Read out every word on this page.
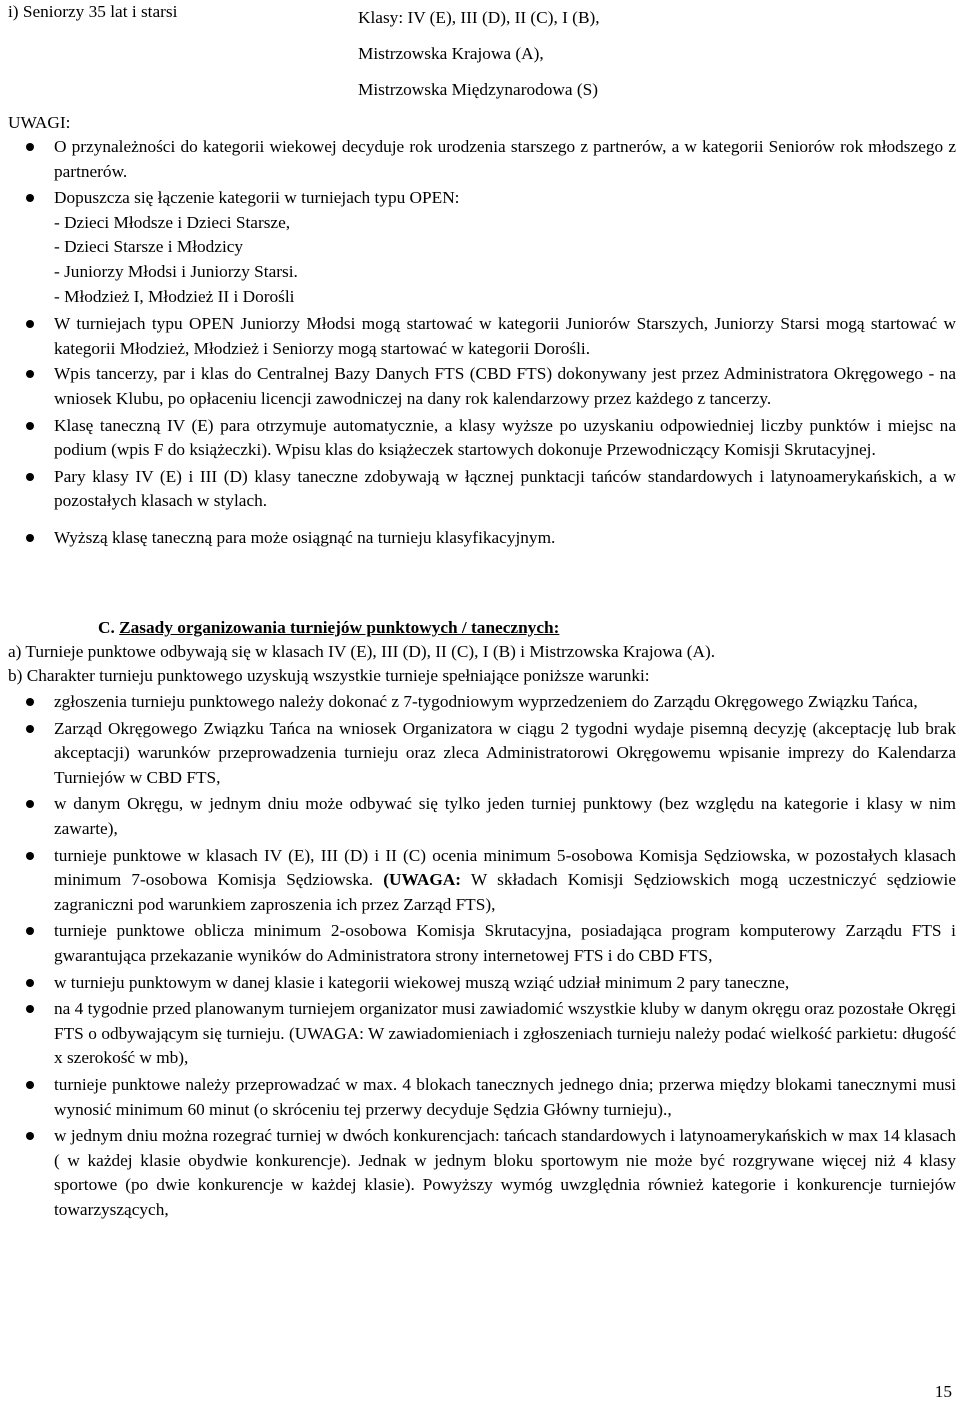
i) Seniorzy 35 lat i starsi	Klasy: IV (E), III (D), II (C), I (B),
Mistrzowska Krajowa (A),
Mistrzowska Międzynarodowa (S)
UWAGI:
O przynależności do kategorii wiekowej decyduje rok urodzenia starszego z partnerów, a w kategorii Seniorów rok młodszego z partnerów.
Dopuszcza się łączenie kategorii w turniejach typu OPEN:
- Dzieci Młodsze i Dzieci Starsze,
- Dzieci Starsze i Młodzicy
- Juniorzy Młodsi i Juniorzy Starsi.
- Młodzież I, Młodzież II i Dorośli
W turniejach typu OPEN Juniorzy Młodsi mogą startować w kategorii Juniorów Starszych, Juniorzy Starsi mogą startować w kategorii Młodzież, Młodzież i Seniorzy mogą startować w kategorii Dorośli.
Wpis tancerzy, par i klas do Centralnej Bazy Danych FTS (CBD FTS) dokonywany jest przez Administratora Okręgowego - na wniosek Klubu, po opłaceniu licencji zawodniczej na dany rok kalendarzowy przez każdego z tancerzy.
Klasę taneczną IV (E) para otrzymuje automatycznie, a klasy wyższe po uzyskaniu odpowiedniej liczby punktów i miejsc na podium (wpis F do książeczki). Wpisu klas do książeczek startowych dokonuje Przewodniczący Komisji Skrutacyjnej.
Pary klasy IV (E) i III (D) klasy taneczne zdobywają w łącznej punktacji tańców standardowych i latynoamerykańskich, a w pozostałych klasach w stylach.
Wyższą klasę taneczną para może osiągnąć na turnieju klasyfikacyjnym.
C. Zasady organizowania turniejów punktowych / tanecznych:
a) Turnieje punktowe odbywają się w klasach IV (E), III (D), II (C), I (B) i Mistrzowska Krajowa (A).
b) Charakter turnieju punktowego uzyskują wszystkie turnieje spełniające poniższe warunki:
zgłoszenia turnieju punktowego należy dokonać z 7-tygodniowym wyprzedzeniem do Zarządu Okręgowego Związku Tańca,
Zarząd Okręgowego Związku Tańca na wniosek Organizatora w ciągu 2 tygodni wydaje pisemną decyzję (akceptację lub brak akceptacji) warunków przeprowadzenia turnieju oraz zleca Administratorowi Okręgowemu wpisanie imprezy do Kalendarza Turniejów w CBD FTS,
w danym Okręgu, w jednym dniu może odbywać się tylko jeden turniej punktowy (bez względu na kategorie i klasy w nim zawarte),
turnieje punktowe w klasach IV (E), III (D) i II (C) ocenia minimum 5-osobowa Komisja Sędziowska, w pozostałych klasach minimum 7-osobowa Komisja Sędziowska. (UWAGA: W składach Komisji Sędziowskich mogą uczestniczyć sędziowie zagraniczni pod warunkiem zaproszenia ich przez Zarząd FTS),
turnieje punktowe oblicza minimum 2-osobowa Komisja Skrutacyjna, posiadająca program komputerowy Zarządu FTS i gwarantująca przekazanie wyników do Administratora strony internetowej FTS i do CBD FTS,
w turnieju punktowym w danej klasie i kategorii wiekowej muszą wziąć udział minimum 2 pary taneczne,
na 4 tygodnie przed planowanym turniejem organizator musi zawiadomić wszystkie kluby w danym okręgu oraz pozostałe Okręgi FTS o odbywającym się turnieju. (UWAGA: W zawiadomieniach i zgłoszeniach turnieju należy podać wielkość parkietu: długość x szerokość w mb),
turnieje punktowe należy przeprowadzać w max. 4 blokach tanecznych jednego dnia; przerwa między blokami tanecznymi musi wynosić minimum 60 minut (o skróceniu tej przerwy decyduje Sędzia Główny turnieju).,
w jednym dniu można rozegrać turniej w dwóch konkurencjach: tańcach standardowych i latynoamerykańskich w max 14 klasach ( w każdej klasie obydwie konkurencje). Jednak w jednym bloku sportowym nie może być rozgrywane więcej niż 4 klasy sportowe (po dwie konkurencje w każdej klasie). Powyższy wymóg uwzględnia również kategorie i konkurencje turniejów towarzyszących,
15
